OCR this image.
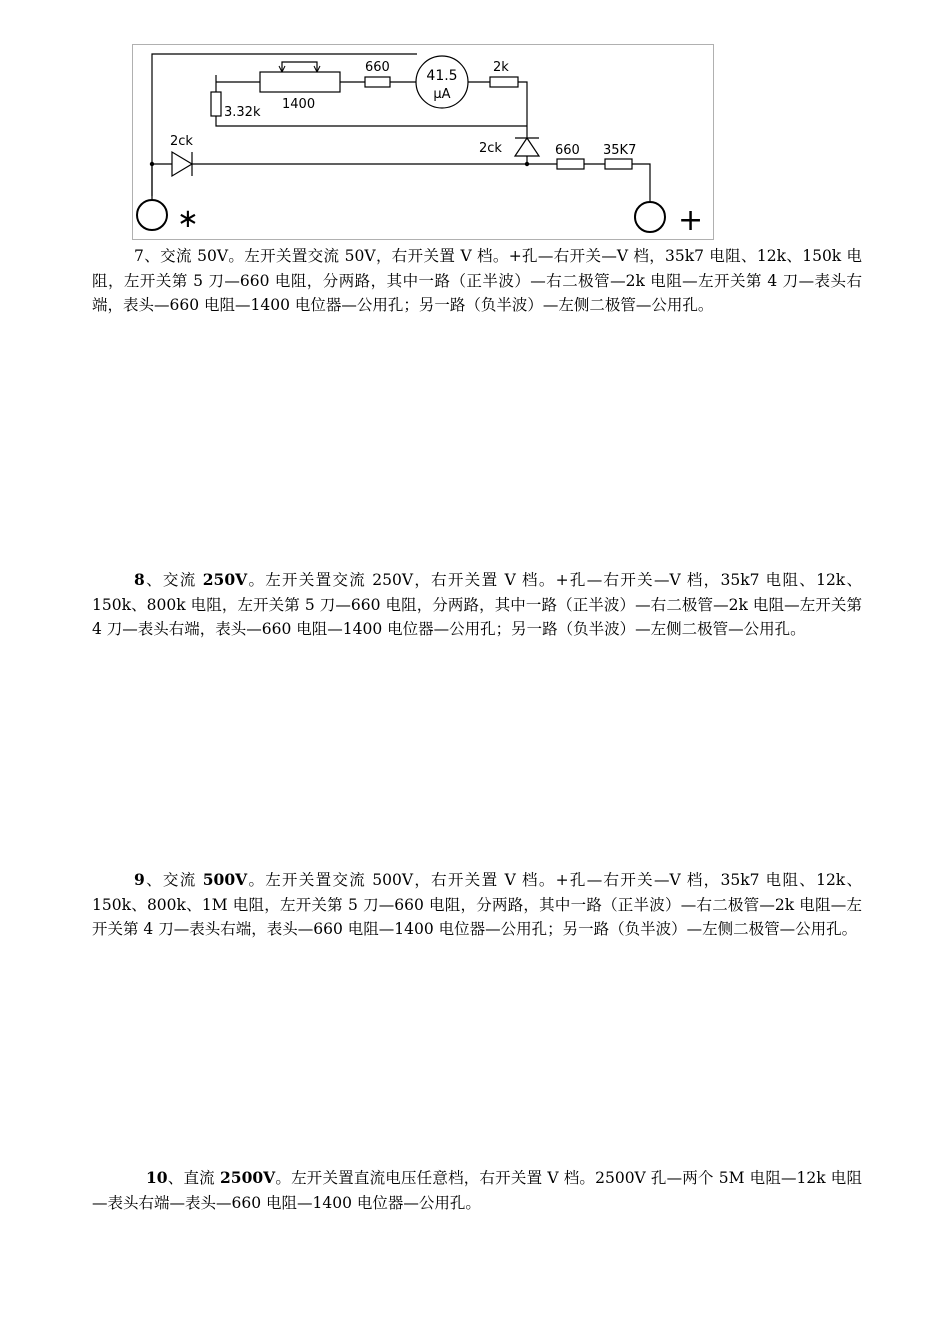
1400
660
41.5
μA
2k
3.32k
2ck	2ck	660 35K7
∗	+

7、交流 50V。左开关置交流 50V，右开关置 V 档。+孔—右开关—V 档，35k7 电阻、12k、150k 电阻，左开关第 5 刀—660 电阻，分两路，其中一路（正半波）—右二极管—2k 电阻—左开关第 4 刀—表头右端，表头—660 电阻—1400 电位器—公用孔；另一路（负半波）—左侧二极管—公用孔。

8、交流 250V。左开关置交流 250V，右开关置 V 档。+孔—右开关—V 档，35k7 电阻、12k、150k、800k 电阻，左开关第 5 刀—660 电阻，分两路，其中一路（正半波）—右二极管—2k 电阻—左开关第 4 刀—表头右端，表头—660 电阻—1400 电位器—公用孔；另一路（负半波）—左侧二极管—公用孔。

9、交流 500V。左开关置交流 500V，右开关置 V 档。+孔—右开关—V 档，35k7 电阻、12k、150k、800k、1M 电阻，左开关第 5 刀—660 电阻，分两路，其中一路（正半波）—右二极管—2k 电阻—左开关第 4 刀—表头右端，表头—660 电阻—1400 电位器—公用孔；另一路（负半波）—左侧二极管—公用孔。

10、直流 2500V。左开关置直流电压任意档，右开关置 V 档。2500V 孔—两个 5M 电阻—12k 电阻—表头右端—表头—660 电阻—1400 电位器—公用孔。
